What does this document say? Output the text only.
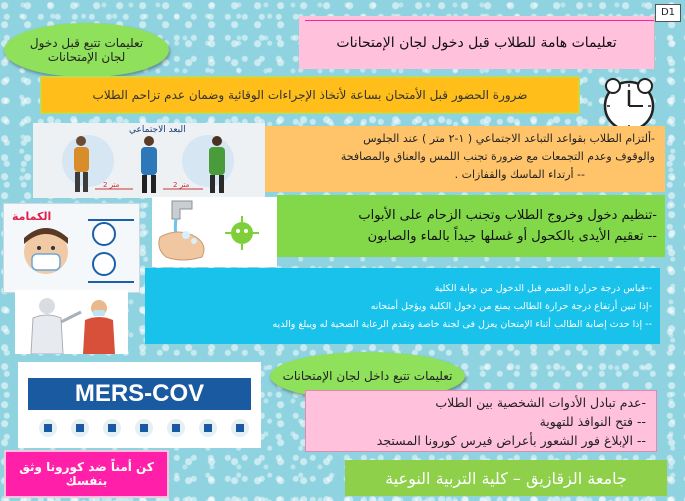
D1
تعليمات تتبع قبل دخول لجان الإمتحانات
تعليمات هامة للطلاب قبل دخول لجان الإمتحانات
ضرورة الحضور قبل الأمتحان بساعة لأتخاذ الإجراءات الوقائية وضمان عدم تزاحم الطلاب
البعد الاجتماعي
2 متر	2 متر
-ألتزام الطلاب بقواعد التباعد الاجتماعي ( ١-٢ متر ) عند الجلوس
والوقوف وعدم التجمعات مع ضرورة تجنب اللمس والعناق والمصافحة
-- أرتداء الماسك والقفازات .
الكمامة	-تنظيم دخول وخروج الطلاب وتجنب الزحام على الأبواب
-- تعقيم الأيدى بالكحول أو غسلها جيداً بالماء والصابون
--قياس درجة حرارة الجسم قبل الدخول من بوابة الكلية
-إذا تبين أرتفاع درجة حرارة الطالب يمنع من دخول الكلية ويؤجل أمتحانه
-- إذا حدث إصابة الطالب أثناء الإمتحان يعزل فى لجنة خاصة وتقدم الرعاية الصحية له ويبلغ والديه
تعليمات تتبع داخل لجان الإمتحانات
MERS-COV	-عدم تبادل الأدوات الشخصية بين الطلاب
-- فتح النوافذ للتهوية
-- الإبلاغ فور الشعور بأعراض فيرس كورونا المستجد
كن أمناً ضد كورونا وثق بنفسك	جامعة الزقازيق – كلية التربية النوعية
